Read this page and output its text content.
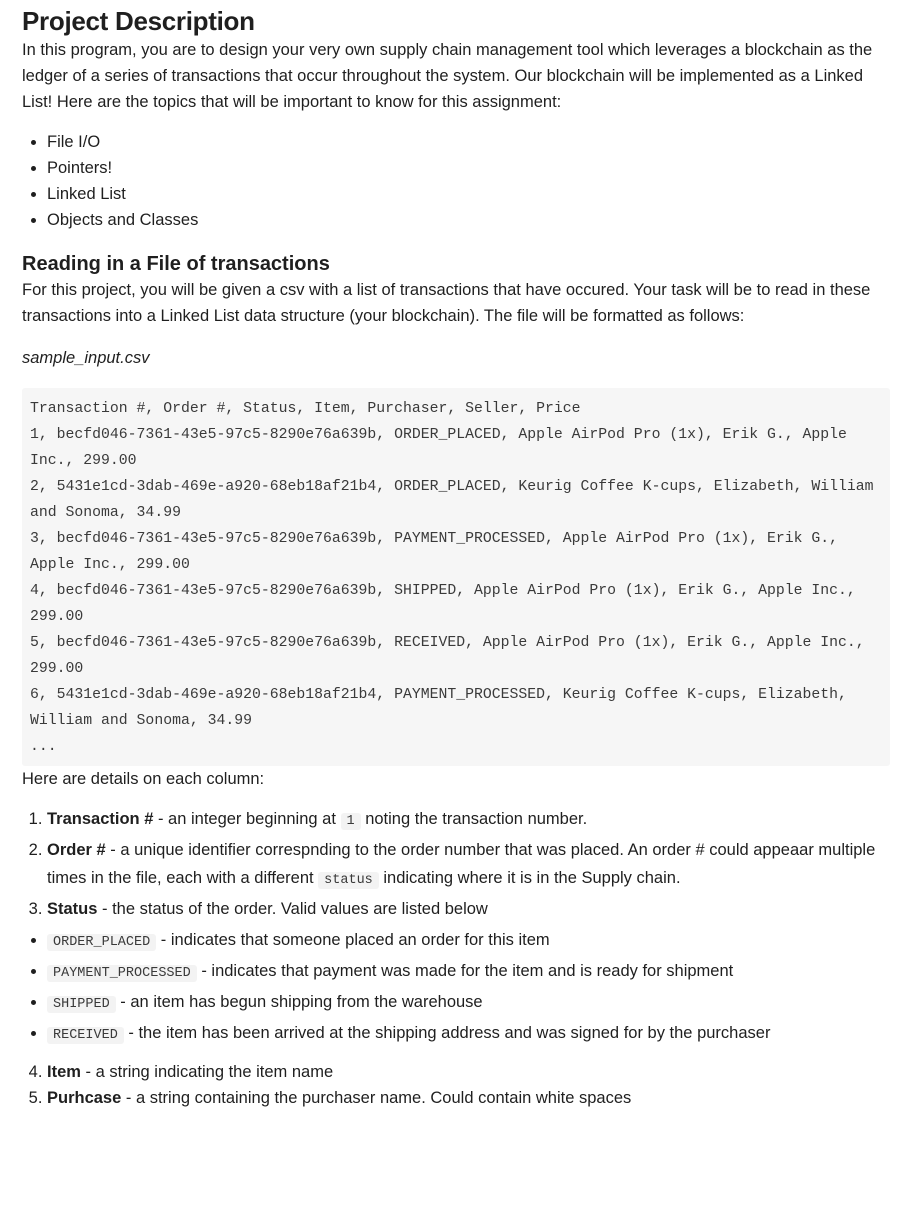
Project Description

In this program, you are to design your very own supply chain management tool which leverages a blockchain as the ledger of a series of transactions that occur throughout the system. Our blockchain will be implemented as a Linked List! Here are the topics that will be important to know for this assignment:

• File I/O
• Pointers!
• Linked List
• Objects and Classes
Reading in a File of transactions

For this project, you will be given a csv with a list of transactions that have occured. Your task will be to read in these transactions into a Linked List data structure (your blockchain). The file will be formatted as follows:

sample_input.csv
Transaction #, Order #, Status, Item, Purchaser, Seller, Price
1, becfd046-7361-43e5-97c5-8290e76a639b, ORDER_PLACED, Apple AirPod Pro (1x), Erik G., Apple Inc., 299.00
2, 5431e1cd-3dab-469e-a920-68eb18af21b4, ORDER_PLACED, Keurig Coffee K-cups, Elizabeth, William and Sonoma, 34.99
3, becfd046-7361-43e5-97c5-8290e76a639b, PAYMENT_PROCESSED, Apple AirPod Pro (1x), Erik G., Apple Inc., 299.00
4, becfd046-7361-43e5-97c5-8290e76a639b, SHIPPED, Apple AirPod Pro (1x), Erik G., Apple Inc., 299.00
5, becfd046-7361-43e5-97c5-8290e76a639b, RECEIVED, Apple AirPod Pro (1x), Erik G., Apple Inc., 299.00
6, 5431e1cd-3dab-469e-a920-68eb18af21b4, PAYMENT_PROCESSED, Keurig Coffee K-cups, Elizabeth, William and Sonoma, 34.99
...

Here are details on each column:

1. Transaction # - an integer beginning at 1 noting the transaction number.
2. Order # - a unique identifier correspnding to the order number that was placed. An order # could appeaar multiple times in the file, each with a different status indicating where it is in the Supply chain.
3. Status - the status of the order. Valid values are listed below
• ORDER_PLACED - indicates that someone placed an order for this item
• PAYMENT_PROCESSED - indicates that payment was made for the item and is ready for shipment
• SHIPPED - an item has begun shipping from the warehouse
• RECEIVED - the item has been arrived at the shipping address and was signed for by the purchaser
4. Item - a string indicating the item name
5. Purhcase - a string containing the purchaser name. Could contain white spaces
